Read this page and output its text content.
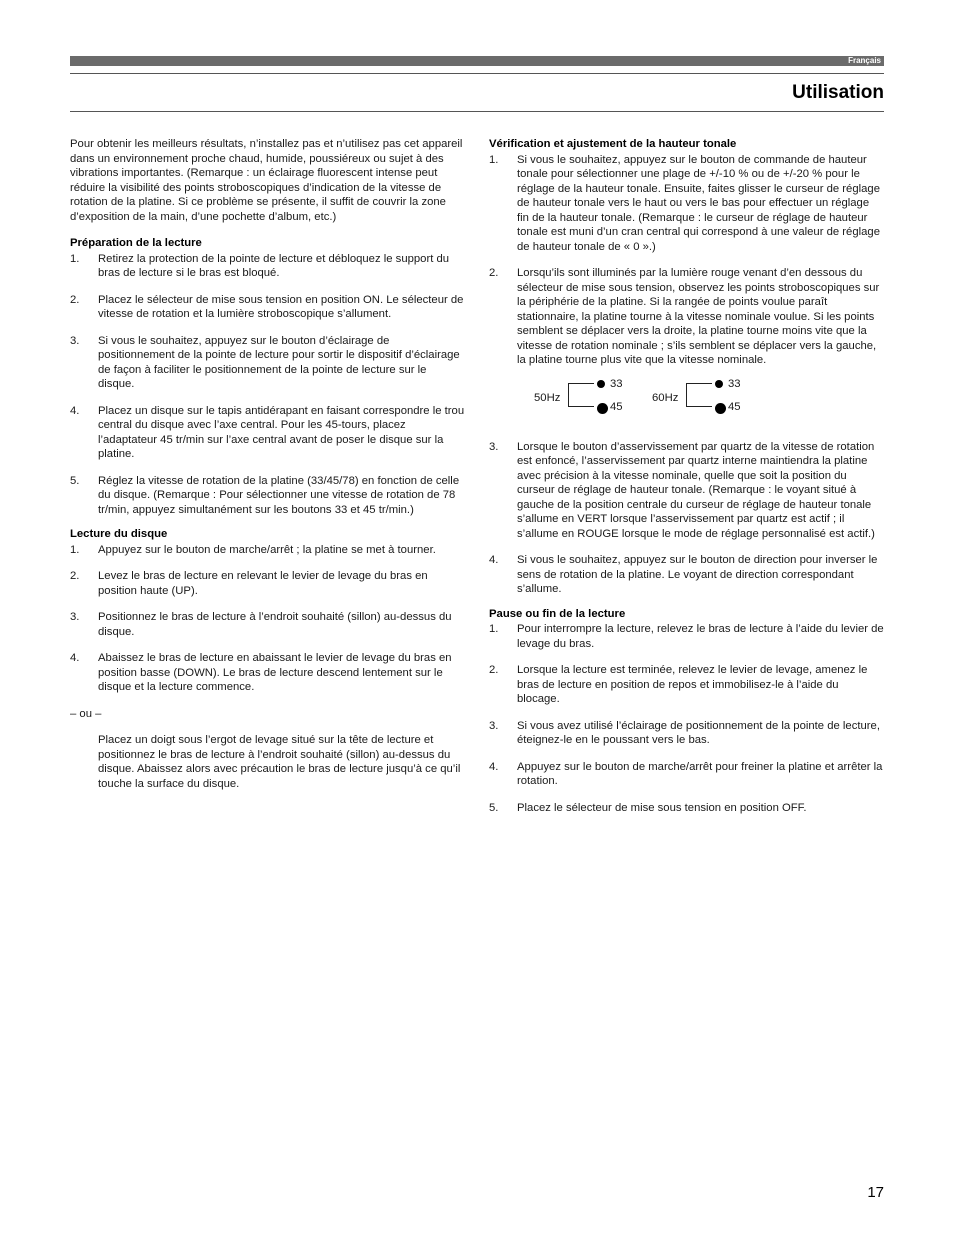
Français
Utilisation

Pour obtenir les meilleurs résultats, n’installez pas et n’utilisez pas cet appareil dans un environnement proche chaud, humide, poussiéreux ou sujet à des vibrations importantes. (Remarque : un éclairage fluorescent intense peut réduire la visibilité des points stroboscopiques d’indication de la vitesse de rotation de la platine. Si ce problème se présente, il suffit de couvrir la zone d’exposition de la main, d’une pochette d’album, etc.)

Préparation de la lecture

1. Retirez la protection de la pointe de lecture et débloquez le support du bras de lecture si le bras est bloqué.
2. Placez le sélecteur de mise sous tension en position ON. Le sélecteur de vitesse de rotation et la lumière stroboscopique s’allument.
3. Si vous le souhaitez, appuyez sur le bouton d’éclairage de positionnement de la pointe de lecture pour sortir le dispositif d’éclairage de façon à faciliter le positionnement de la pointe de lecture sur le disque.
4. Placez un disque sur le tapis antidérapant en faisant correspondre le trou central du disque avec l’axe central. Pour les 45-tours, placez l’adaptateur 45 tr/min sur l’axe central avant de poser le disque sur la platine.
5. Réglez la vitesse de rotation de la platine (33/45/78) en fonction de celle du disque. (Remarque : Pour sélectionner une vitesse de rotation de 78 tr/min, appuyez simultanément sur les boutons 33 et 45 tr/min.)

Lecture du disque

1. Appuyez sur le bouton de marche/arrêt ; la platine se met à tourner.
2. Levez le bras de lecture en relevant le levier de levage du bras en position haute (UP).
3. Positionnez le bras de lecture à l’endroit souhaité (sillon) au-dessus du disque.
4. Abaissez le bras de lecture en abaissant le levier de levage du bras en position basse (DOWN). Le bras de lecture descend lentement sur le disque et la lecture commence.

– ou –

Placez un doigt sous l’ergot de levage situé sur la tête de lecture et positionnez le bras de lecture à l’endroit souhaité (sillon) au-dessus du disque. Abaissez alors avec précaution le bras de lecture jusqu’à ce qu’il touche la surface du disque.

Vérification et ajustement de la hauteur tonale

1. Si vous le souhaitez, appuyez sur le bouton de commande de hauteur tonale pour sélectionner une plage de +/-10 % ou de +/-20 % pour le réglage de la hauteur tonale. Ensuite, faites glisser le curseur de réglage de hauteur tonale vers le haut ou vers le bas pour effectuer un réglage fin de la hauteur tonale. (Remarque : le curseur de réglage de hauteur tonale est muni d’un cran central qui correspond à une valeur de réglage de hauteur tonale de « 0 ».)
2. Lorsqu’ils sont illuminés par la lumière rouge venant d’en dessous du sélecteur de mise sous tension, observez les points stroboscopiques sur la périphérie de la platine. Si la rangée de points voulue paraît stationnaire, la platine tourne à la vitesse nominale voulue. Si les points semblent se déplacer vers la droite, la platine tourne moins vite que la vitesse de rotation nominale ; s’ils semblent se déplacer vers la gauche, la platine tourne plus vite que la vitesse nominale.
50Hz
33
45
60Hz
33
45
3. Lorsque le bouton d’asservissement par quartz de la vitesse de rotation est enfoncé, l’asservissement par quartz interne maintiendra la platine avec précision à la vitesse nominale, quelle que soit la position du curseur de réglage de hauteur tonale. (Remarque : le voyant situé à gauche de la position centrale du curseur de réglage de hauteur tonale s’allume en VERT lorsque l’asservissement par quartz est actif ; il s’allume en ROUGE lorsque le mode de réglage personnalisé est actif.)
4. Si vous le souhaitez, appuyez sur le bouton de direction pour inverser le sens de rotation de la platine. Le voyant de direction correspondant s’allume.

Pause ou fin de la lecture

1. Pour interrompre la lecture, relevez le bras de lecture à l’aide du levier de levage du bras.
2. Lorsque la lecture est terminée, relevez le levier de levage, amenez le bras de lecture en position de repos et immobilisez-le à l’aide du blocage.
3. Si vous avez utilisé l’éclairage de positionnement de la pointe de lecture, éteignez-le en le poussant vers le bas.
4. Appuyez sur le bouton de marche/arrêt pour freiner la platine et arrêter la rotation.
5. Placez le sélecteur de mise sous tension en position OFF.
17
